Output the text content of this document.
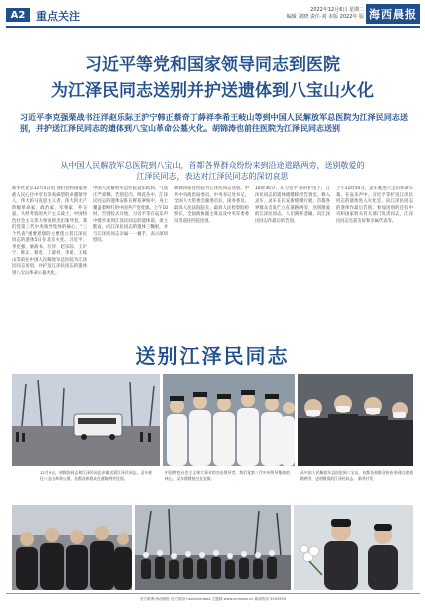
A2 重点关注	2022年12月6日 星期二
编辑 刘晓 责任·刘 本版 2022年 版 海西晨报
习近平等党和国家领导同志到医院
为江泽民同志送别并护送遗体到八宝山火化
习近平李克强栗战书汪洋赵乐际王沪宁韩正蔡奇丁薛祥李希王岐山等到中国人民解放军总医院为江泽民同志送别，并护送江泽民同志的遗体到八宝山革命公墓火化。胡锦涛也前往医院为江泽民同志送别
从中国人民解放军总医院到八宝山，首都各界群众纷纷来到沿途道路两旁，送别敬爱的江泽民同志，表达对江泽民同志的深切哀思
新华社北京12月5日电 我们党和国家各族人民心目中享有崇高威望的卓越领导人，伟大的马克思主义者，伟大的无产阶级革命家、政治家、军事家、外交家，久经考验的共产主义战士，中国特色社会主义伟大事业的杰出领导者，我们党第三代中央领导集体的核心，“三个代表”重要思想的主要创立者江泽民同志的遗体5日在北京火化。习近平、李克强、栗战书、汪洋、赵乐际、王沪宁、韩正、蔡奇、丁薛祥、李希、王岐山等前往中国人民解放军总医院为江泽民同志送别，并护送江泽民同志的遗体到八宝山革命公墓火化。
中国人民解放军总医院哀乐低回，气氛庄严肃穆。告别室内，鲜花丛中，江泽民同志的遗体安卧在鲜花翠柏中，身上覆盖着鲜红的中国共产党党旗。上午10时，告别仪式开始，习近平等在哀乐声中缓步来到江泽民同志的遗体前，肃立默哀，向江泽民同志的遗体三鞠躬，并与江泽民同志亲属一一握手，表示深切慰问。
胡锦涛前往医院为江泽民同志送别。中共中央政治局委员、中央书记处书记，全国人大常委会副委员长，国务委员，最高人民法院院长，最高人民检察院检察长，全国政协副主席以及中央军委委员等前往医院送别。
10时30分，在习近平等的护送下，江泽民同志的遗体缓缓移出告别室，移入灵车。灵车在长安街缓缓行驶，首都各界群众自发伫立在道路两旁，送别敬爱的江泽民同志。人们满怀悲痛，向江泽民同志作最后的告别。
上午11时50分，灵车驶进八宝山革命公墓。在哀乐声中，习近平等护送江泽民同志的遗体进入火化室，向江泽民同志的遗体作最后告别。参加送别的还有中央和国家机关有关部门负责同志、江泽民同志生前友好和亲属代表等。
送别江泽民同志
12月5日，胡锦涛同志和江泽民同志亲属送别江泽民同志，灵车驶往八宝山革命公墓，首都各界群众在道路两旁送别。
中国特色社会主义伟大事业的杰出领导者，我们党第三代中央领导集体的核心，灵车缓缓驶过长安街。
从中国人民解放军总医院到八宝山，首都各界群众纷纷来到沿途道路两旁，送别敬爱的江泽民同志。 新华社发
官方微博·海西晨报 官方微信·haixichenbao 主题网 www.xmnews.cn 新闻热线 5555550
